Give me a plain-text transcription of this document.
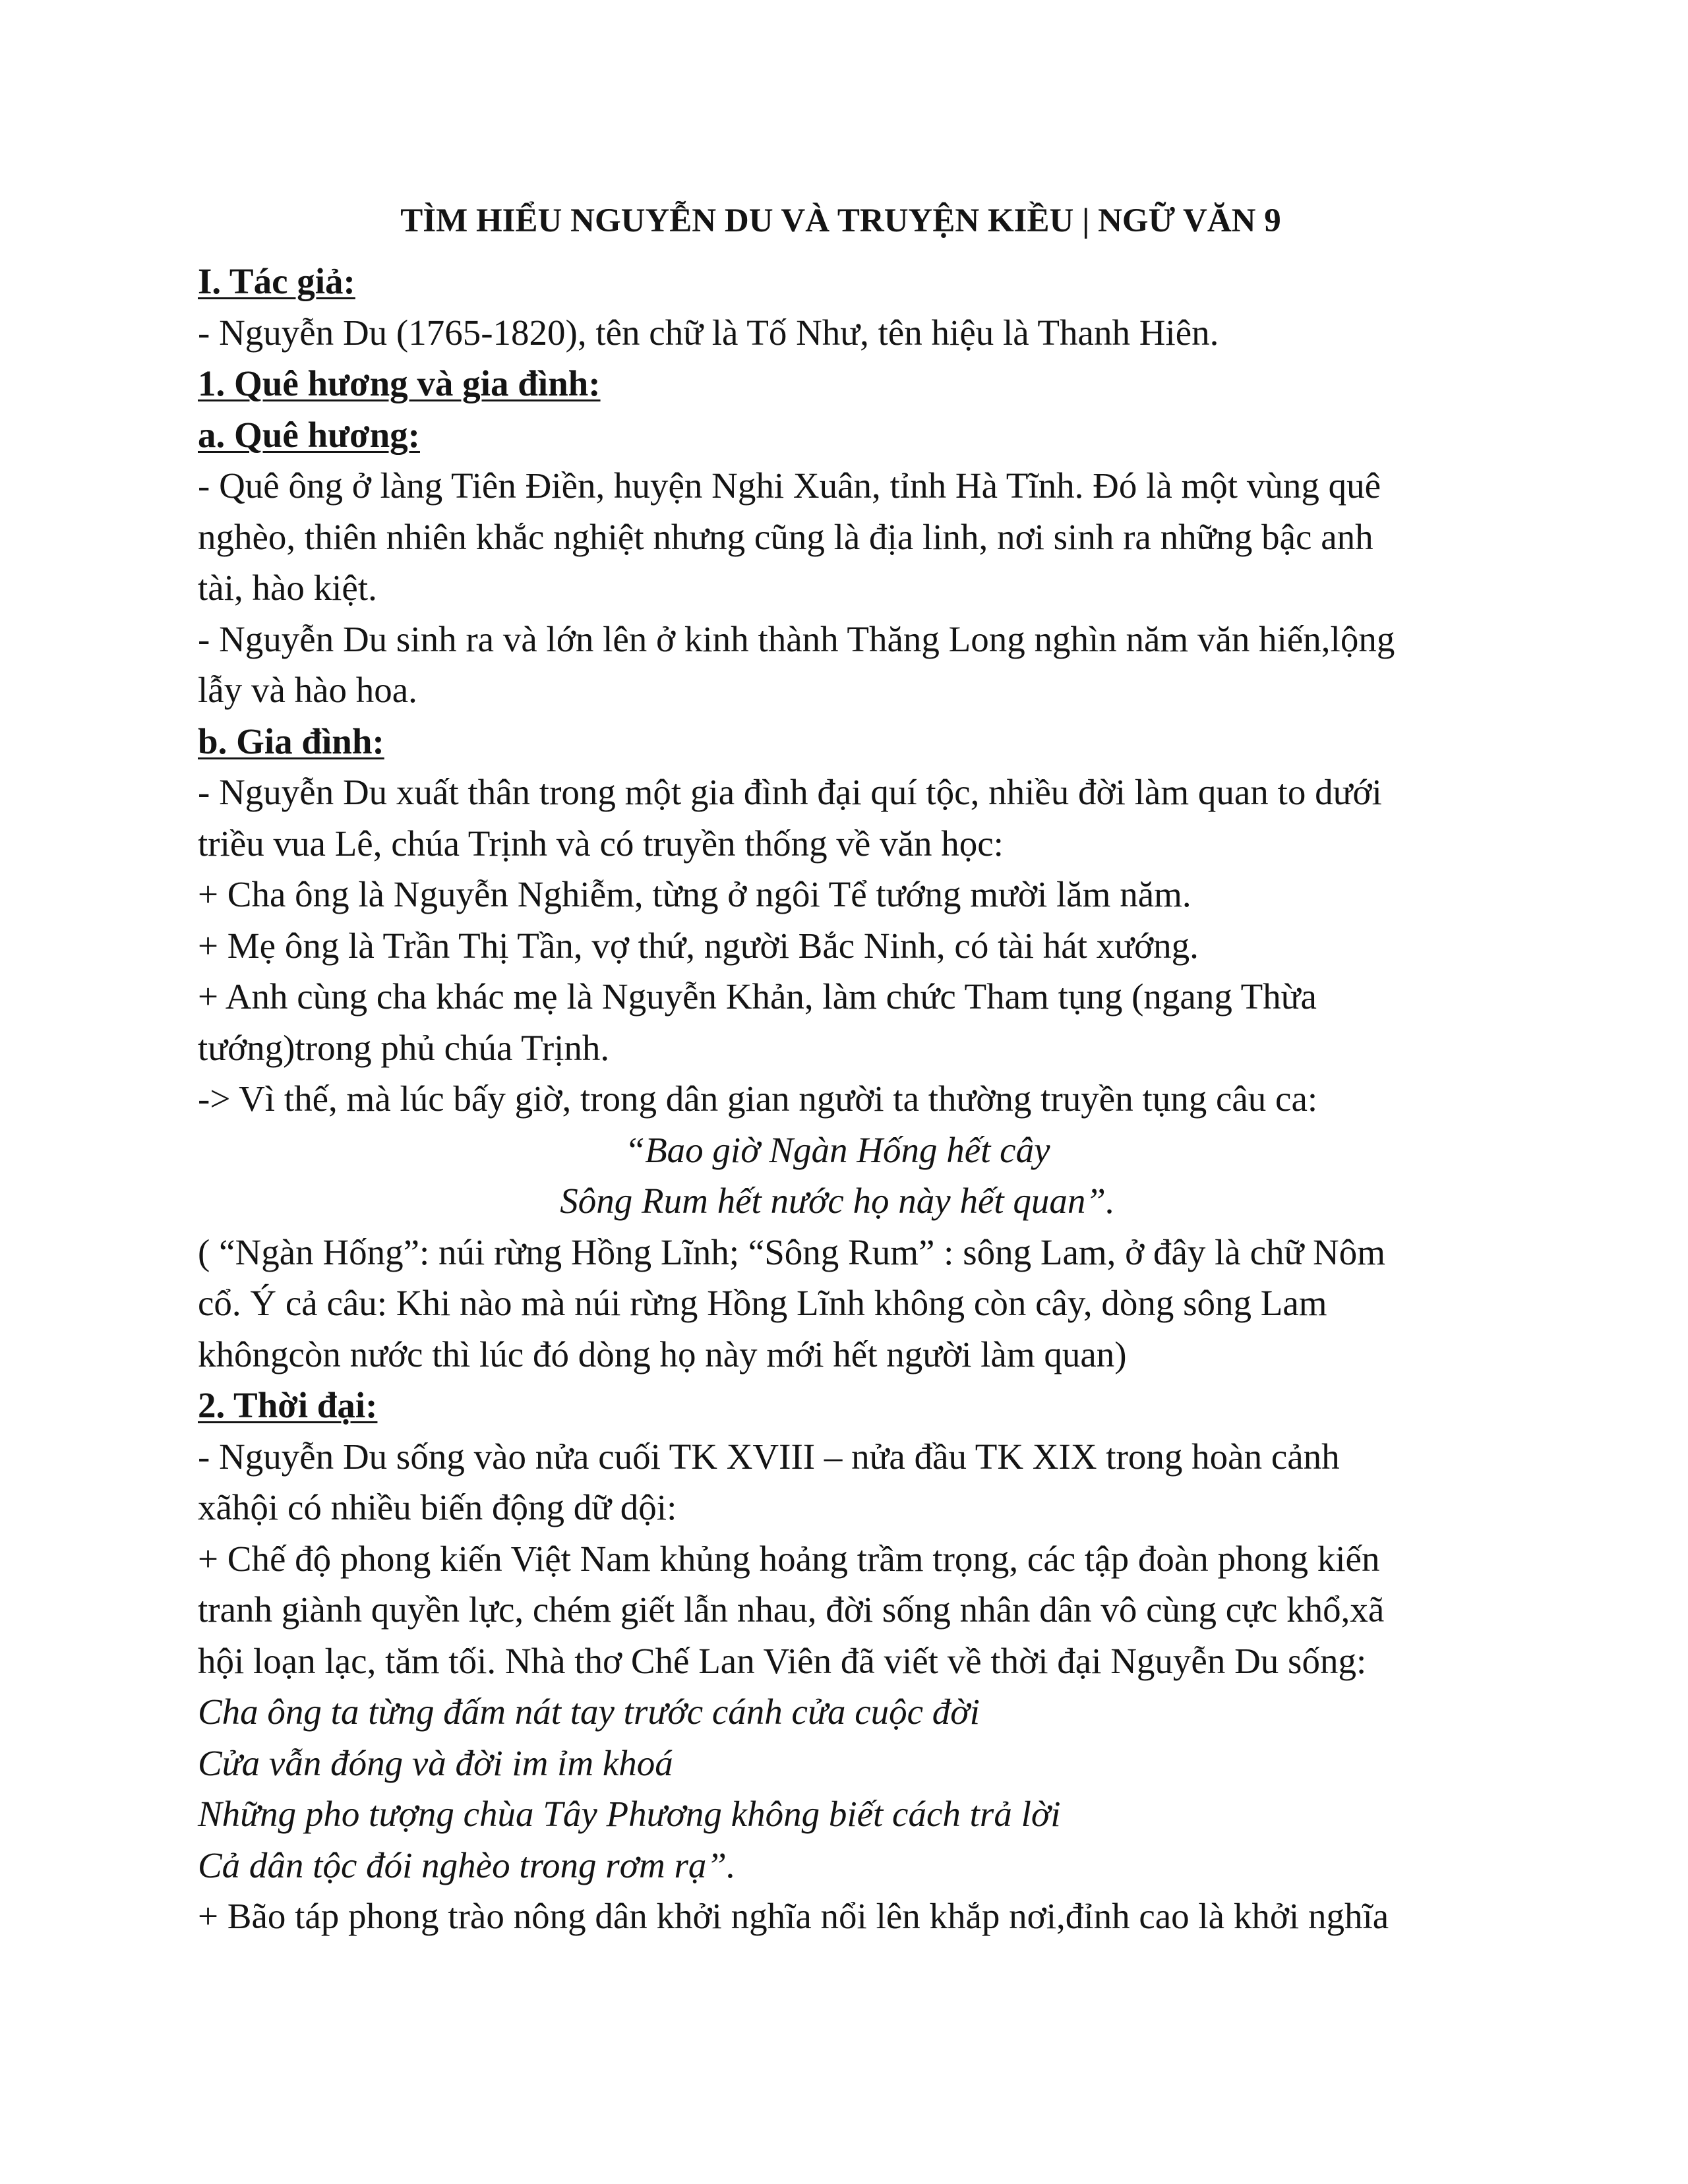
TÌM HIỂU NGUYỄN DU VÀ TRUYỆN KIỀU | NGỮ VĂN 9
I. Tác giả:
- Nguyễn Du (1765-1820), tên chữ là Tố Như, tên hiệu là Thanh Hiên.
1. Quê hương và gia đình:
a. Quê hương:
- Quê ông ở làng Tiên Điền, huyện Nghi Xuân, tỉnh Hà Tĩnh. Đó là một vùng quê
nghèo, thiên nhiên khắc nghiệt nhưng cũng là địa linh, nơi sinh ra những bậc anh
tài, hào kiệt.
- Nguyễn Du sinh ra và lớn lên ở kinh thành Thăng Long nghìn năm văn hiến,lộng
lẫy và hào hoa.
b. Gia đình:
- Nguyễn Du xuất thân trong một gia đình đại quí tộc, nhiều đời làm quan to dưới
triều vua Lê, chúa Trịnh và có truyền thống về văn học:
+ Cha ông là Nguyễn Nghiễm, từng ở ngôi Tể tướng mười lăm năm.
+ Mẹ ông là Trần Thị Tần, vợ thứ, người Bắc Ninh, có tài hát xướng.
+ Anh cùng cha khác mẹ là Nguyễn Khản, làm chức Tham tụng (ngang Thừa
tướng)trong phủ chúa Trịnh.
-> Vì thế, mà lúc bấy giờ, trong dân gian người ta thường truyền tụng câu ca:
“Bao giờ Ngàn Hống hết cây
Sông Rum hết nước họ này hết quan”.
( “Ngàn Hống”: núi rừng Hồng Lĩnh; “Sông Rum” : sông Lam, ở đây là chữ Nôm
cổ. Ý cả câu: Khi nào mà núi rừng Hồng Lĩnh không còn cây, dòng sông Lam
khôngcòn nước thì lúc đó dòng họ này mới hết người làm quan)
2. Thời đại:
- Nguyễn Du sống vào nửa cuối TK XVIII – nửa đầu TK XIX trong hoàn cảnh
xãhội có nhiều biến động dữ dội:
+ Chế độ phong kiến Việt Nam khủng hoảng trầm trọng, các tập đoàn phong kiến
tranh giành quyền lực, chém giết lẫn nhau, đời sống nhân dân vô cùng cực khổ,xã
hội loạn lạc, tăm tối. Nhà thơ Chế Lan Viên đã viết về thời đại Nguyễn Du sống:
Cha ông ta từng đấm nát tay trước cánh cửa cuộc đời
Cửa vẫn đóng và đời im ỉm khoá
Những pho tượng chùa Tây Phương không biết cách trả lời
Cả dân tộc đói nghèo trong rơm rạ”.
+ Bão táp phong trào nông dân khởi nghĩa nổi lên khắp nơi,đỉnh cao là khởi nghĩa
